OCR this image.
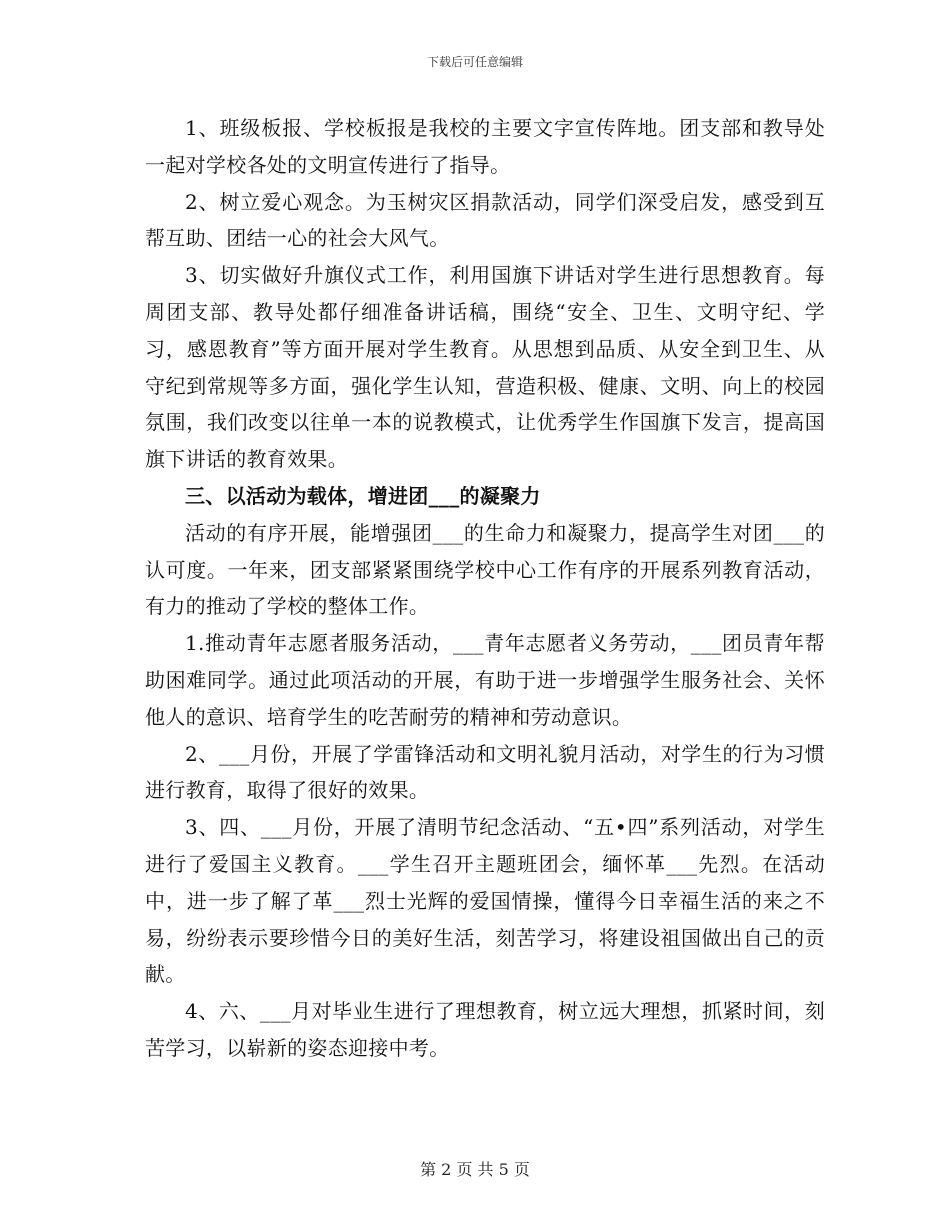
下载后可任意编辑

1、班级板报、学校板报是我校的主要文字宣传阵地。团支部和教导处一起对学校各处的文明宣传进行了指导。

2、树立爱心观念。为玉树灾区捐款活动，同学们深受启发，感受到互帮互助、团结一心的社会大风气。

3、切实做好升旗仪式工作，利用国旗下讲话对学生进行思想教育。每周团支部、教导处都仔细准备讲话稿，围绕“安全、卫生、文明守纪、学习，感恩教育”等方面开展对学生教育。从思想到品质、从安全到卫生、从守纪到常规等多方面，强化学生认知，营造积极、健康、文明、向上的校园氛围，我们改变以往单一本的说教模式，让优秀学生作国旗下发言，提高国旗下讲话的教育效果。

三、以活动为载体，增进团___的凝聚力

活动的有序开展，能增强团___的生命力和凝聚力，提高学生对团___的认可度。一年来，团支部紧紧围绕学校中心工作有序的开展系列教育活动，有力的推动了学校的整体工作。

1.推动青年志愿者服务活动，___青年志愿者义务劳动，___团员青年帮助困难同学。通过此项活动的开展，有助于进一步增强学生服务社会、关怀他人的意识、培育学生的吃苦耐劳的精神和劳动意识。

2、___月份，开展了学雷锋活动和文明礼貌月活动，对学生的行为习惯进行教育，取得了很好的效果。

3、四、___月份，开展了清明节纪念活动、“五•四”系列活动，对学生进行了爱国主义教育。___学生召开主题班团会，缅怀革___先烈。在活动中，进一步了解了革___烈士光辉的爱国情操，懂得今日幸福生活的来之不易，纷纷表示要珍惜今日的美好生活，刻苦学习，将建设祖国做出自己的贡献。

4、六、___月对毕业生进行了理想教育，树立远大理想，抓紧时间，刻苦学习，以崭新的姿态迎接中考。

第 2 页 共 5 页
